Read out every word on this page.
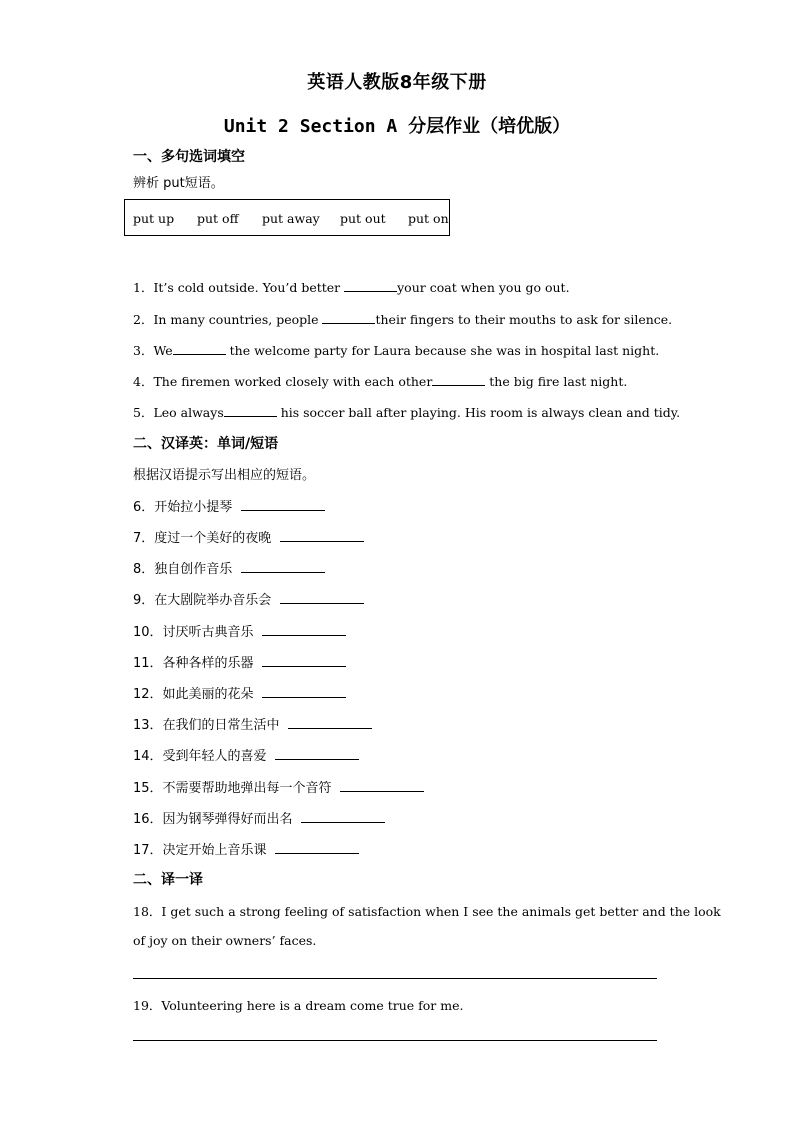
英语人教版8年级下册
Unit 2 Section A 分层作业（培优版）
一、多句选词填空
辨析 put短语。
put up put off put away put out put on
1．It’s cold outside. You’d better	your coat when you go out.
2．In many countries, people	their fingers to their mouths to ask for silence.
3．We	the welcome party for Laura because she was in hospital last night.
4．The firemen worked closely with each other	the big fire last night.
5．Leo always	his soccer ball after playing. His room is always clean and tidy.
二、汉译英：单词/短语
根据汉语提示写出相应的短语。
6．开始拉小提琴
7．度过一个美好的夜晚
8．独自创作音乐
9．在大剧院举办音乐会
10．讨厌听古典音乐
11．各种各样的乐器
12．如此美丽的花朵
13．在我们的日常生活中
14．受到年轻人的喜爱
15．不需要帮助地弹出每一个音符
16．因为钢琴弹得好而出名
17．决定开始上音乐课
二、译一译
18．I get such a strong feeling of satisfaction when I see the animals get better and the look
of joy on their owners’ faces.
19．Volunteering here is a dream come true for me.
